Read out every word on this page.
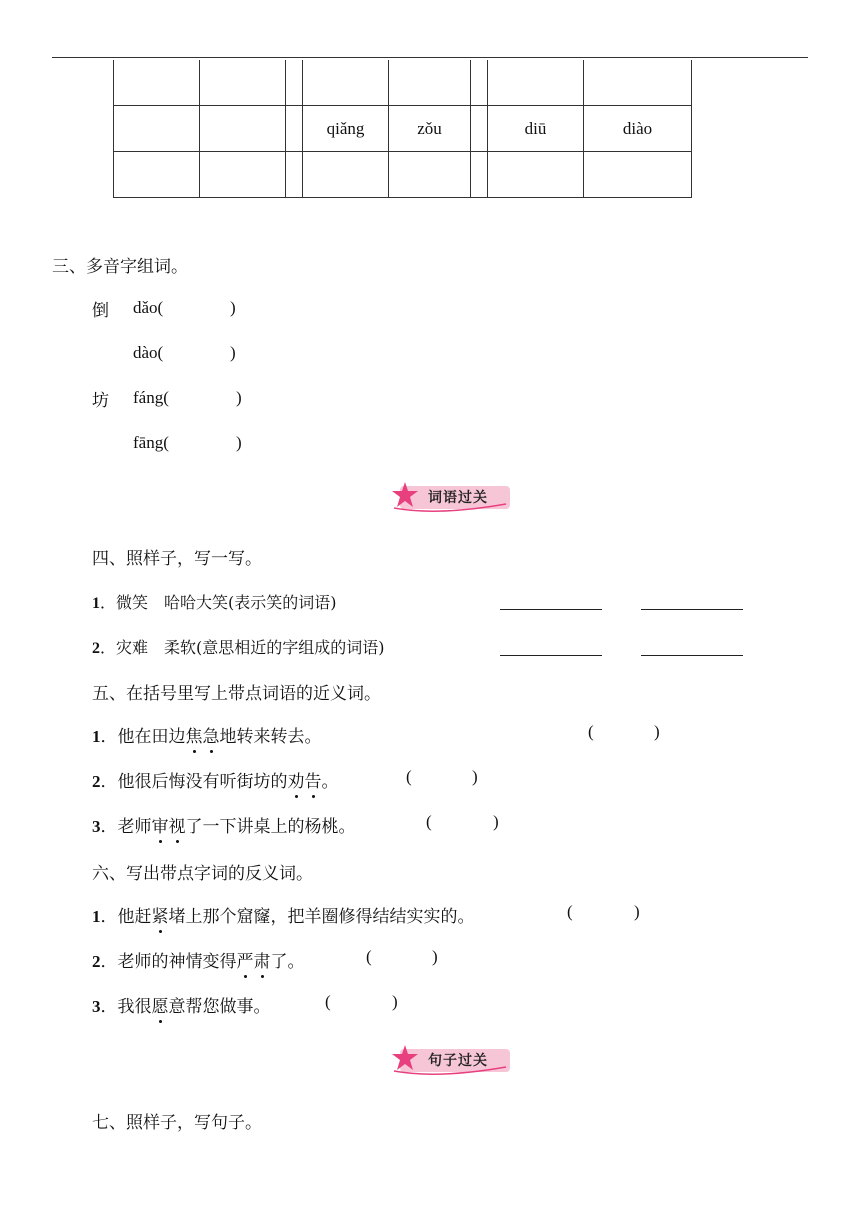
			qiǎng	zǒu		diū	diào

三、多音字组词。
倒 dǎo(	)
dào(	)
坊 fáng(	)
fāng(	)
词语过关
四、照样子，写一写。
1．微笑　哈哈大笑(表示笑的词语)
2．灾难　柔软(意思相近的字组成的词语)
五、在括号里写上带点词语的近义词。
1．他在田边焦急地转来转去。	(	)
2．他很后悔没有听街坊的劝告。	(	)
3．老师审视了一下讲桌上的杨桃。	(	)
六、写出带点字词的反义词。
1．他赶紧堵上那个窟窿，把羊圈修得结结实实的。	(	)
2．老师的神情变得严肃了。	(	)
3．我很愿意帮您做事。	(	)
句子过关
七、照样子，写句子。
